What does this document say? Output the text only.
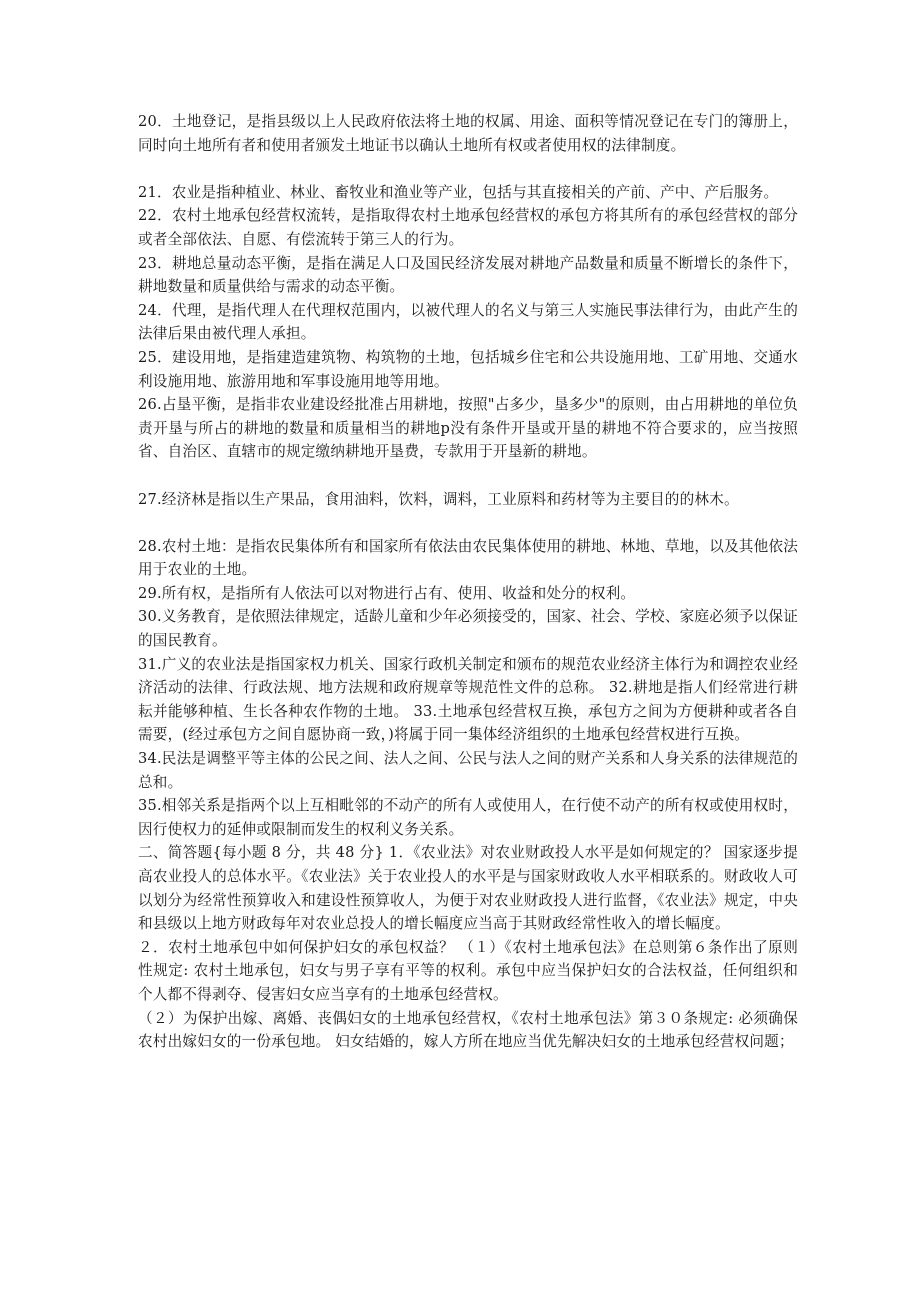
20．土地登记，是指县级以上人民政府依法将土地的权属、用途、面积等情况登记在专门的簿册上，同时向土地所有者和使用者颁发土地证书以确认土地所有权或者使用权的法律制度。

21．农业是指种植业、林业、畜牧业和渔业等产业，包括与其直接相关的产前、产中、产后服务。

22．农村土地承包经营权流转，是指取得农村土地承包经营权的承包方将其所有的承包经营权的部分或者全部依法、自愿、有偿流转于第三人的行为。

23．耕地总量动态平衡，是指在满足人口及国民经济发展对耕地产品数量和质量不断增长的条件下，耕地数量和质量供给与需求的动态平衡。

24．代理，是指代理人在代理权范围内，以被代理人的名义与第三人实施民事法律行为，由此产生的法律后果由被代理人承担。

25．建设用地，是指建造建筑物、构筑物的土地，包括城乡住宅和公共设施用地、工矿用地、交通水利设施用地、旅游用地和军事设施用地等用地。

26.占垦平衡，是指非农业建设经批准占用耕地，按照"占多少，垦多少"的原则，由占用耕地的单位负责开垦与所占的耕地的数量和质量相当的耕地p没有条件开垦或开垦的耕地不符合要求的，应当按照省、自治区、直辖市的规定缴纳耕地开垦费，专款用于开垦新的耕地。

27.经济林是指以生产果品，食用油料，饮料，调料，工业原料和药材等为主要目的的林木。

28.农村土地：是指农民集体所有和国家所有依法由农民集体使用的耕地、林地、草地，以及其他依法用于农业的土地。

29.所有权，是指所有人依法可以对物进行占有、使用、收益和处分的权利。

30.义务教育，是依照法律规定，适龄儿童和少年必须接受的，国家、社会、学校、家庭必须予以保证的国民教育。

31.广义的农业法是指国家权力机关、国家行政机关制定和颁布的规范农业经济主体行为和调控农业经济活动的法律、行政法规、地方法规和政府规章等规范性文件的总称。 32.耕地是指人们经常进行耕耘并能够种植、生长各种农作物的土地。 33.土地承包经营权互换，承包方之间为方便耕种或者各自需要，(经过承包方之间自愿协商一致，)将属于同一集体经济组织的土地承包经营权进行互换。

34.民法是调整平等主体的公民之间、法人之间、公民与法人之间的财产关系和人身关系的法律规范的总和。

35.相邻关系是指两个以上互相毗邻的不动产的所有人或使用人，在行使不动产的所有权或使用权时，因行使权力的延伸或限制而发生的权利义务关系。

二、简答题{每小题 8 分，共 48 分} 1．《农业法》对农业财政投人水平是如何规定的？ 国家逐步提高农业投人的总体水平。《农业法》关于农业投人的水平是与国家财政收人水平相联系的。财政收人可以划分为经常性预算收入和建设性预算收人，为便于对农业财政投人进行监督，《农业法》规定，中央和县级以上地方财政每年对农业总投人的增长幅度应当高于其财政经常性收入的增长幅度。

２．农村土地承包中如何保护妇女的承包权益？ （１）《农村土地承包法》在总则第６条作出了原则性规定: 农村土地承包，妇女与男子享有平等的权利。承包中应当保护妇女的合法权益，任何组织和个人都不得剥夺、侵害妇女应当享有的土地承包经营权。

（２）为保护出嫁、离婚、丧偶妇女的土地承包经营权，《农村土地承包法》第３０条规定: 必须确保农村出嫁妇女的一份承包地。 妇女结婚的，嫁人方所在地应当优先解决妇女的土地承包经营权问题；
